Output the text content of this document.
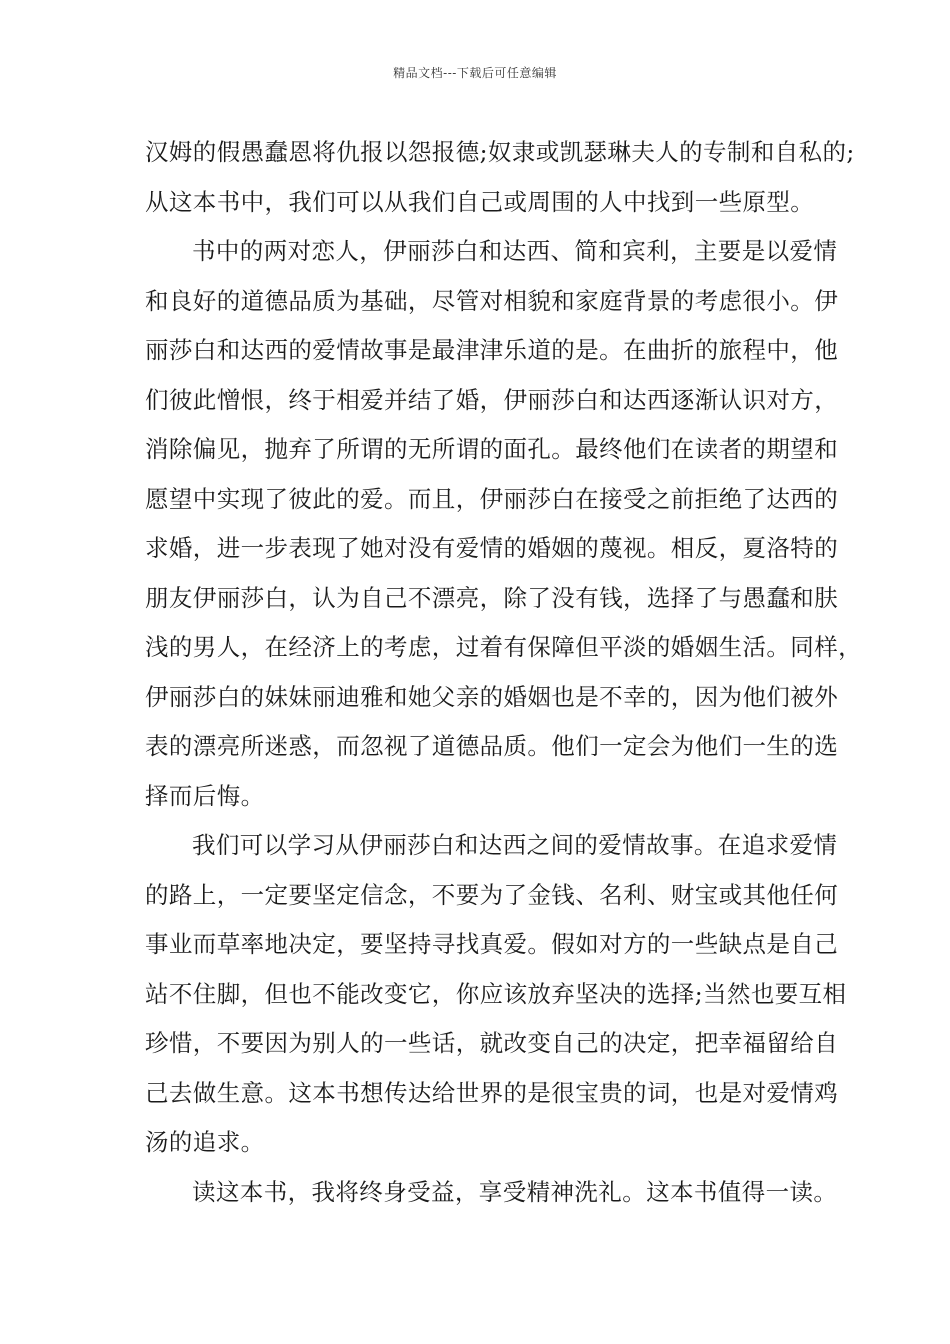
精品文档---下载后可任意编辑
汉姆的假愚蠢恩将仇报以怨报德;奴隶或凯瑟琳夫人的专制和自私的;
从这本书中，我们可以从我们自己或周围的人中找到一些原型。
书中的两对恋人，伊丽莎白和达西、简和宾利，主要是以爱情
和良好的道德品质为基础，尽管对相貌和家庭背景的考虑很小。伊
丽莎白和达西的爱情故事是最津津乐道的是。在曲折的旅程中，他
们彼此憎恨，终于相爱并结了婚，伊丽莎白和达西逐渐认识对方，
消除偏见，抛弃了所谓的无所谓的面孔。最终他们在读者的期望和
愿望中实现了彼此的爱。而且，伊丽莎白在接受之前拒绝了达西的
求婚，进一步表现了她对没有爱情的婚姻的蔑视。相反，夏洛特的
朋友伊丽莎白，认为自己不漂亮，除了没有钱，选择了与愚蠢和肤
浅的男人，在经济上的考虑，过着有保障但平淡的婚姻生活。同样，
伊丽莎白的妹妹丽迪雅和她父亲的婚姻也是不幸的，因为他们被外
表的漂亮所迷惑，而忽视了道德品质。他们一定会为他们一生的选
择而后悔。
我们可以学习从伊丽莎白和达西之间的爱情故事。在追求爱情
的路上，一定要坚定信念，不要为了金钱、名利、财宝或其他任何
事业而草率地决定，要坚持寻找真爱。假如对方的一些缺点是自己
站不住脚，但也不能改变它，你应该放弃坚决的选择;当然也要互相
珍惜，不要因为别人的一些话，就改变自己的决定，把幸福留给自
己去做生意。这本书想传达给世界的是很宝贵的词，也是对爱情鸡
汤的追求。
读这本书，我将终身受益，享受精神洗礼。这本书值得一读。
